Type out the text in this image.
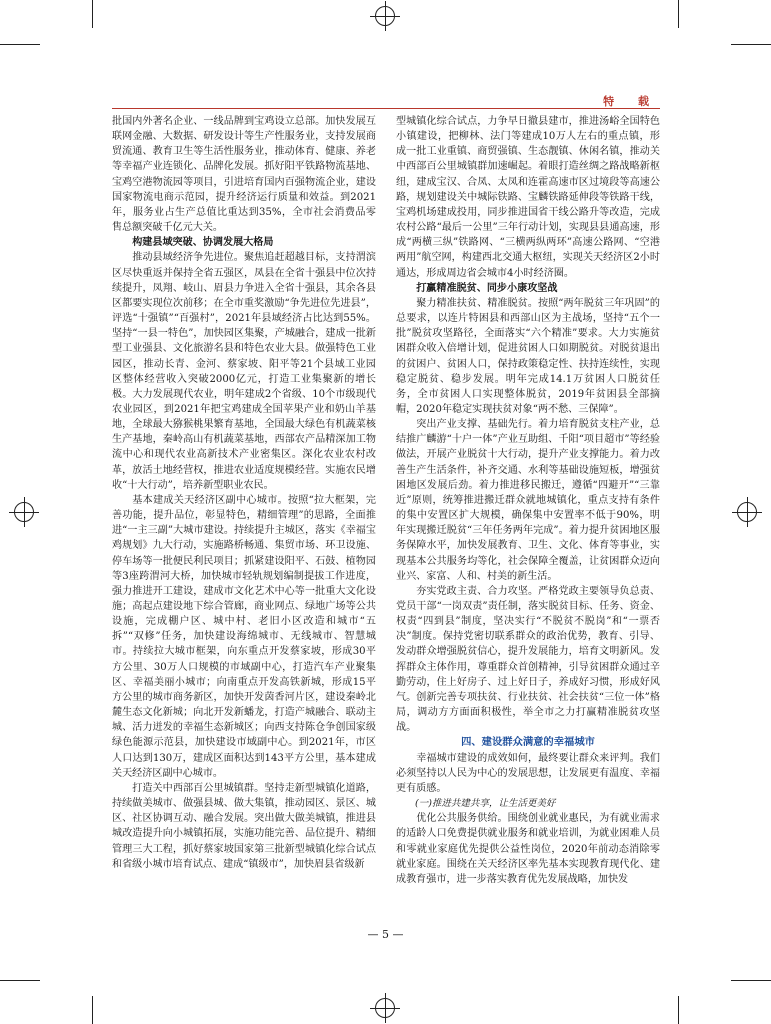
特 载

批国内外著名企业、一线品牌到宝鸡设立总部。加快发展互联网金融、大数据、研发设计等生产性服务业，支持发展商贸流通、教育卫生等生活性服务业，推动体育、健康、养老等幸福产业连锁化、品牌化发展。抓好阳平铁路物流基地、宝鸡空港物流园等项目，引进培育国内百强物流企业，建设国家物流电商示范园，提升经济运行质量和效益。到2021年，服务业占生产总值比重达到35%，全市社会消费品零售总额突破千亿元大关。

构建县域突破、协调发展大格局

推动县域经济争先进位。聚焦追赶超越目标，支持渭滨区尽快重返并保持全省五强区，凤县在全省十强县中位次持续提升，凤翔、岐山、眉县力争进入全省十强县，其余各县区都要实现位次前移；在全市重奖激励“争先进位先进县”，评选“十强镇”“百强村”，2021年县域经济占比达到55%。坚持“一县一特色”，加快园区集聚，产城融合，建成一批新型工业强县、文化旅游名县和特色农业大县。做强特色工业园区，推动长青、金河、蔡家坡、阳平等21个县域工业园区整体经营收入突破2000亿元，打造工业集聚新的增长极。大力发展现代农业，明年建成2个省级、10个市级现代农业园区，到2021年把宝鸡建成全国苹果产业和奶山羊基地，全球最大猕猴桃果繁育基地，全国最大绿色有机蔬菜核生产基地，秦岭高山有机蔬菜基地，西部农产品精深加工物流中心和现代农业高新技术产业密集区。深化农业农村改革，放活土地经营权，推进农业适度规模经营。实施农民增收“十大行动”，培养新型职业农民。

基本建成关天经济区副中心城市。按照“拉大框架，完善功能，提升品位，彰显特色，精细管理”的思路，全面推进“一主三副”大城市建设。持续提升主城区，落实《幸福宝鸡规划》九大行动，实施路桥畅通、集贸市场、环卫设施、停车场等一批便民利民项目；抓紧建设阳平、石鼓、植物园等3座跨渭河大桥，加快城市轻轨规划编制提拔工作进度，强力推进开工建设，建成市文化艺术中心等一批重大文化设施；高起点建设地下综合管廊，商业网点、绿地广场等公共设施，完成棚户区、城中村、老旧小区改造和城市“五拆”“双修”任务，加快建设海绵城市、无线城市、智慧城市。持续拉大城市框架，向东重点开发蔡家坡，形成30平方公里、30万人口规模的市域副中心，打造汽车产业聚集区、幸福美丽小城市；向南重点开发高铁新城，形成15平方公里的城市商务新区，加快开发茵香河片区，建设秦岭北麓生态文化新城；向北开发新蟠龙，打造产城融合、联动主城、活力迸发的幸福生态新城区；向西支持陈仓争创国家级绿色能源示范县，加快建设市域副中心。到2021年，市区人口达到130万，建成区面积达到143平方公里，基本建成关天经济区副中心城市。

打造关中西部百公里城镇群。坚持走新型城镇化道路，持续做美城市、做强县城、做大集镇，推动园区、景区、城区、社区协调互动、融合发展。突出做大做美城镇，推进县城改造提升向小城镇拓展，实施功能完善、品位提升、精细管理三大工程，抓好蔡家坡国家第三批新型城镇化综合试点和省级小城市培育试点、建成“镇级市”，加快眉县省级新

型城镇化综合试点，力争早日撤县建市，推进汤峪全国特色小镇建设，把柳林、法门等建成10万人左右的重点镇，形成一批工业重镇、商贸强镇、生态靓镇、休闲名镇，推动关中西部百公里城镇群加速崛起。着眼打造丝绸之路战略新枢纽，建成宝汉、合凤、太凤和连霍高速市区过境段等高速公路，规划建设关中城际铁路、宝麟铁路延伸段等铁路干线，宝鸡机场建成投用，同步推进国省干线公路升等改造，完成农村公路“最后一公里”三年行动计划，实现县县通高速，形成“两横三纵”铁路网、“三横两纵两环”高速公路网、“空港两用”航空网，构建西北交通大枢纽，实现关天经济区2小时通达，形成周边省会城市4小时经济圈。

打赢精准脱贫、同步小康攻坚战

聚力精准扶贫、精准脱贫。按照“两年脱贫三年巩固”的总要求，以连片特困县和西部山区为主战场，坚持“五个一批”脱贫攻坚路径，全面落实“六个精准”要求。大力实施贫困群众收入倍增计划，促进贫困人口如期脱贫。对脱贫退出的贫困户、贫困人口，保持政策稳定性、扶持连续性，实现稳定脱贫、稳步发展。明年完成14.1万贫困人口脱贫任务，全市贫困人口实现整体脱贫，2019年贫困县全部摘帽，2020年稳定实现扶贫对象“两不愁、三保障”。

突出产业支撑、基础先行。着力培育脱贫支柱产业，总结推广麟游“十户一体”产业互助组、千阳“项目超市”等经验做法，开展产业脱贫十大行动，提升产业支撑能力。着力改善生产生活条件，补齐交通、水利等基础设施短板，增强贫困地区发展后劲。着力推进移民搬迁，遵循“四避开”“三靠近”原则，统筹推进搬迁群众就地城镇化，重点支持有条件的集中安置区扩大规模，确保集中安置率不低于90%，明年实现搬迁脱贫“三年任务两年完成”。着力提升贫困地区服务保障水平，加快发展教育、卫生、文化、体育等事业，实现基本公共服务均等化，社会保障全覆盖，让贫困群众迈向业兴、家富、人和、村美的新生活。

夯实党政主责、合力攻坚。严格党政主要领导负总责、党员干部“一岗双责”责任制，落实脱贫目标、任务、资金、权责“四到县”制度，坚决实行“不脱贫不脱岗”和“一票否决”制度。保持党密切联系群众的政治优势，教育、引导、发动群众增强脱贫信心，提升发展能力，培育文明新风。发挥群众主体作用，尊重群众首创精神，引导贫困群众通过辛勤劳动，住上好房子、过上好日子，养成好习惯，形成好风气。创新完善专项扶贫、行业扶贫、社会扶贫“三位一体”格局，调动方方面面积极性，举全市之力打赢精准脱贫攻坚战。

四、建设群众满意的幸福城市

幸福城市建设的成效如何，最终要让群众来评判。我们必须坚持以人民为中心的发展思想，让发展更有温度、幸福更有质感。

(一)推进共建共享，让生活更美好

优化公共服务供给。围绕创业就业惠民，为有就业需求的适龄人口免费提供就业服务和就业培训，为就业困难人员和零就业家庭优先提供公益性岗位，2020年前动态消除零就业家庭。围绕在关天经济区率先基本实现教育现代化、建成教育强市，进一步落实教育优先发展战略，加快发

— 5 —
